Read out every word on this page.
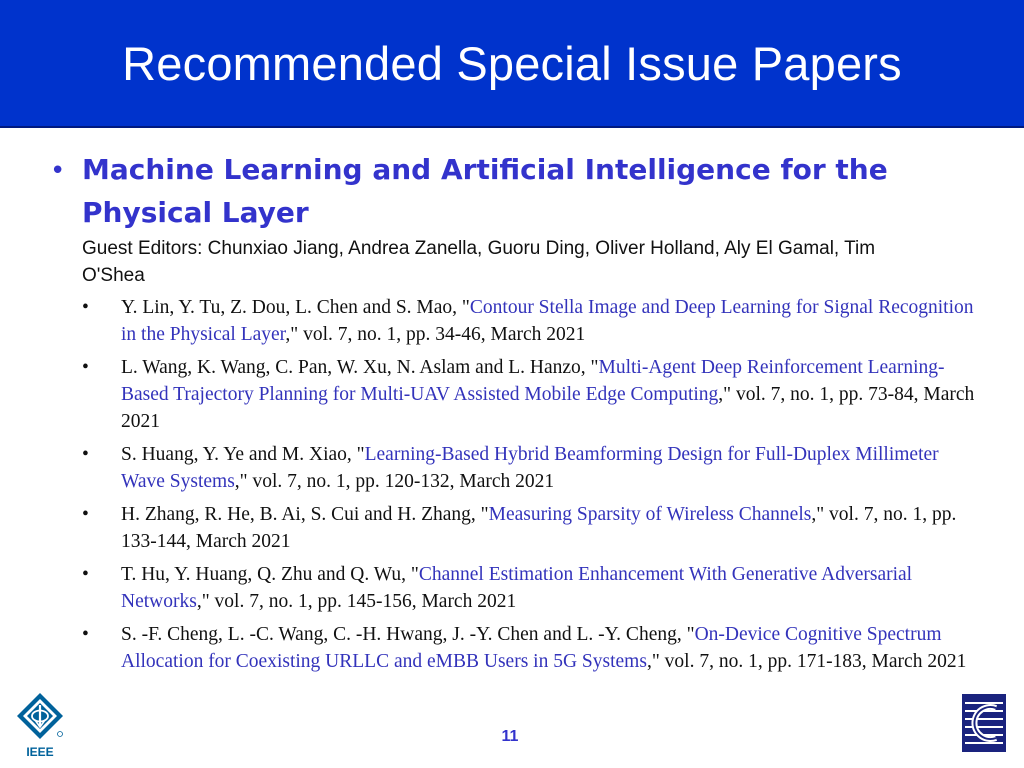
Recommended Special Issue Papers
• Machine Learning and Artificial Intelligence for the Physical Layer
Guest Editors: Chunxiao Jiang, Andrea Zanella, Guoru Ding, Oliver Holland, Aly El Gamal, Tim O'Shea
• Y. Lin, Y. Tu, Z. Dou, L. Chen and S. Mao, "Contour Stella Image and Deep Learning for Signal Recognition in the Physical Layer," vol. 7, no. 1, pp. 34-46, March 2021
• L. Wang, K. Wang, C. Pan, W. Xu, N. Aslam and L. Hanzo, "Multi-Agent Deep Reinforcement Learning-Based Trajectory Planning for Multi-UAV Assisted Mobile Edge Computing," vol. 7, no. 1, pp. 73-84, March 2021
• S. Huang, Y. Ye and M. Xiao, "Learning-Based Hybrid Beamforming Design for Full-Duplex Millimeter Wave Systems," vol. 7, no. 1, pp. 120-132, March 2021
• H. Zhang, R. He, B. Ai, S. Cui and H. Zhang, "Measuring Sparsity of Wireless Channels," vol. 7, no. 1, pp. 133-144, March 2021
• T. Hu, Y. Huang, Q. Zhu and Q. Wu, "Channel Estimation Enhancement With Generative Adversarial Networks," vol. 7, no. 1, pp. 145-156, March 2021
• S. -F. Cheng, L. -C. Wang, C. -H. Hwang, J. -Y. Chen and L. -Y. Cheng, "On-Device Cognitive Spectrum Allocation for Coexisting URLLC and eMBB Users in 5G Systems," vol. 7, no. 1, pp. 171-183, March 2021
IEEE
11
